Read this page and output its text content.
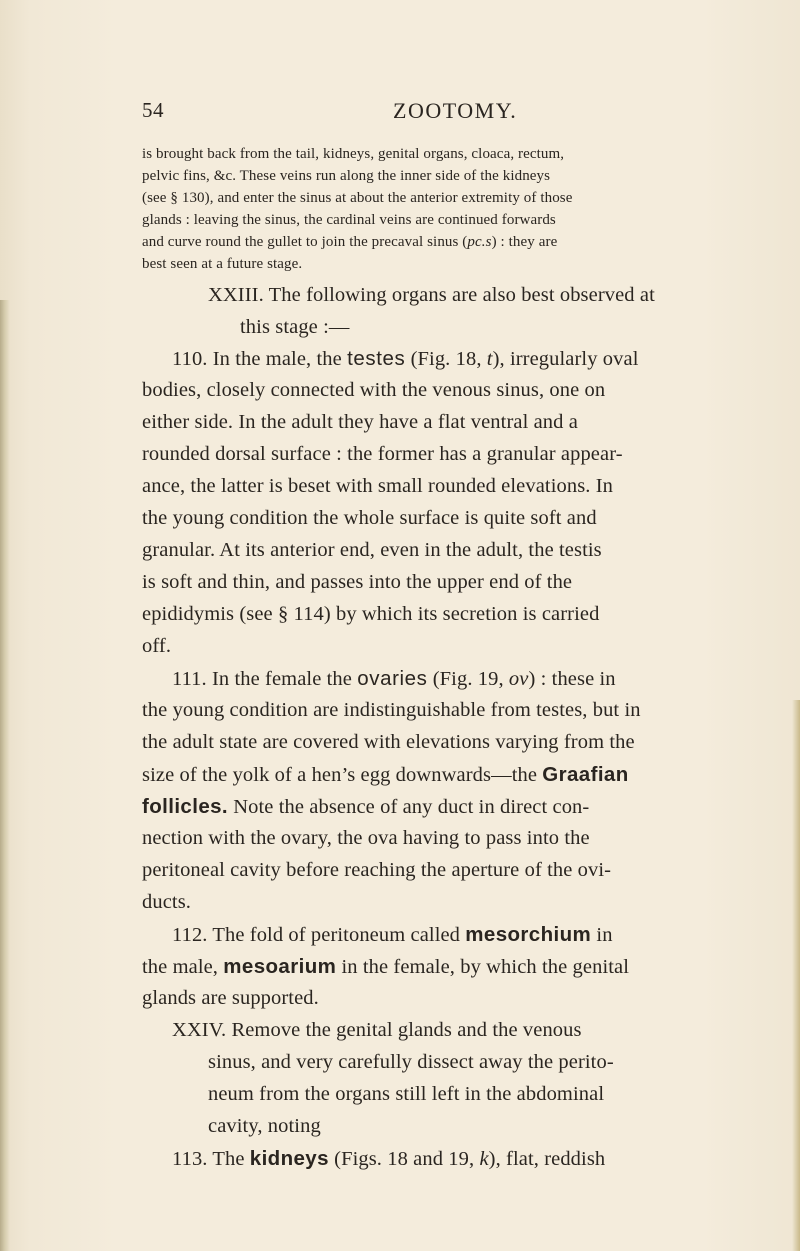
54	ZOOTOMY.
is brought back from the tail, kidneys, genital organs, cloaca, rectum,
pelvic fins, &c. These veins run along the inner side of the kidneys
(see § 130), and enter the sinus at about the anterior extremity of those
glands : leaving the sinus, the cardinal veins are continued forwards
and curve round the gullet to join the precaval sinus (pc.s) : they are
best seen at a future stage.
XXIII. The following organs are also best observed at
this stage :—
110. In the male, the testes (Fig. 18, t), irregularly oval
bodies, closely connected with the venous sinus, one on
either side. In the adult they have a flat ventral and a
rounded dorsal surface : the former has a granular appear-
ance, the latter is beset with small rounded elevations. In
the young condition the whole surface is quite soft and
granular. At its anterior end, even in the adult, the testis
is soft and thin, and passes into the upper end of the
epididymis (see § 114) by which its secretion is carried
off.
111. In the female the ovaries (Fig. 19, ov) : these in
the young condition are indistinguishable from testes, but in
the adult state are covered with elevations varying from the
size of the yolk of a hen’s egg downwards—the Graafian
follicles. Note the absence of any duct in direct con-
nection with the ovary, the ova having to pass into the
peritoneal cavity before reaching the aperture of the ovi-
ducts.
112. The fold of peritoneum called mesorchium in
the male, mesoarium in the female, by which the genital
glands are supported.
XXIV. Remove the genital glands and the venous
sinus, and very carefully dissect away the perito-
neum from the organs still left in the abdominal
cavity, noting
113. The kidneys (Figs. 18 and 19, k), flat, reddish
